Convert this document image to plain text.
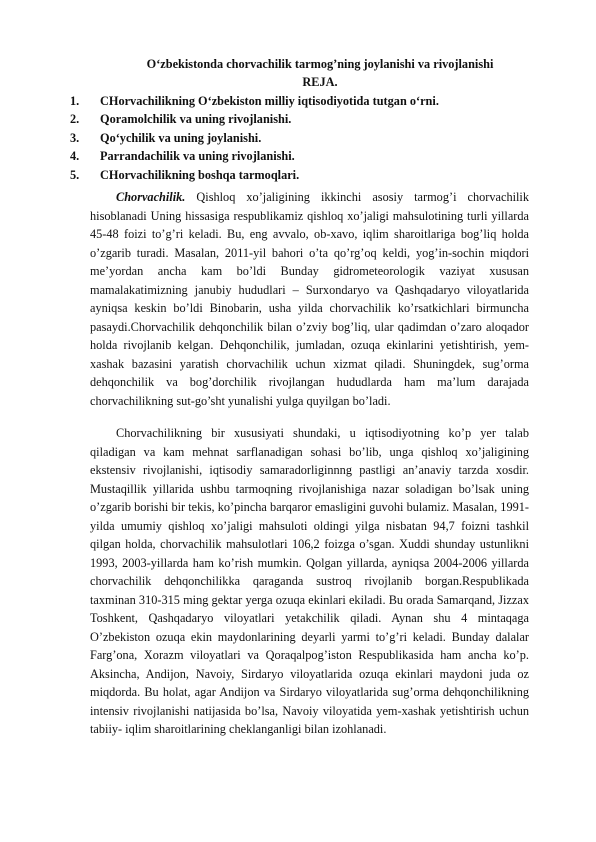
O‘zbekistonda chorvachilik tarmog’ning joylanishi va rivojlanishi
REJA.
1.	CHorvachilikning O‘zbekiston milliy iqtisodiyotida tutgan o‘rni.
2.	Qoramolchilik va uning rivojlanishi.
3.	Qo‘ychilik va uning joylanishi.
4.	Parrandachilik va uning rivojlanishi.
5.	CHorvachilikning boshqa tarmoqlari.

Chorvachilik. Qishloq xo’jaligining ikkinchi asosiy tarmog’i chorvachilik hisoblanadi Uning hissasiga respublikamiz qishloq xo’jaligi mahsulotining turli yillarda 45-48 foizi to’g’ri keladi. Bu, eng avvalo, ob-xavo, iqlim sharoitlariga bog’liq holda o’zgarib turadi. Masalan, 2011-yil bahori o’ta qo’rg’oq keldi, yog’in-sochin miqdori me’yordan ancha kam bo’ldi Bunday gidrometeorologik vaziyat xususan mamalakatimizning janubiy hududlari – Surxondaryo va Qashqadaryo viloyatlarida ayniqsa keskin bo’ldi Binobarin, usha yilda chorvachilik ko’rsatkichlari birmuncha pasaydi.Chorvachilik dehqonchilik bilan o’zviy bog’liq, ular qadimdan o’zaro aloqador holda rivojlanib kelgan. Dehqonchilik, jumladan, ozuqa ekinlarini yetishtirish, yem-xashak bazasini yaratish chorvachilik uchun xizmat qiladi. Shuningdek, sug’orma dehqonchilik va bog’dorchilik rivojlangan hududlarda ham ma’lum darajada chorvachilikning sut-go’sht yunalishi yulga quyilgan bo’ladi.

Chorvachilikning bir xususiyati shundaki, u iqtisodiyotning ko’p yer talab qiladigan va kam mehnat sarflanadigan sohasi bo’lib, unga qishloq xo’jaligining ekstensiv rivojlanishi, iqtisodiy samaradorliginnng pastligi an’anaviy tarzda xosdir. Mustaqillik yillarida ushbu tarmoqning rivojlanishiga nazar soladigan bo’lsak uning o’zgarib borishi bir tekis, ko’pincha barqaror emasligini guvohi bulamiz. Masalan, 1991-yilda umumiy qishloq xo’jaligi mahsuloti oldingi yilga nisbatan 94,7 foizni tashkil qilgan holda, chorvachilik mahsulotlari 106,2 foizga o’sgan. Xuddi shunday ustunlikni 1993, 2003-yillarda ham ko’rish mumkin. Qolgan yillarda, ayniqsa 2004-2006 yillarda chorvachilik dehqonchilikka qaraganda sustroq rivojlanib borgan.Respublikada taxminan 310-315 ming gektar yerga ozuqa ekinlari ekiladi. Bu orada Samarqand, Jizzax Toshkent, Qashqadaryo viloyatlari yetakchilik qiladi. Aynan shu 4 mintaqaga O’zbekiston ozuqa ekin maydonlarining deyarli yarmi to’g’ri keladi. Bunday dalalar Farg’ona, Xorazm viloyatlari va Qoraqalpog’iston Respublikasida ham ancha ko’p. Aksincha, Andijon, Navoiy, Sirdaryo viloyatlarida ozuqa ekinlari maydoni juda oz miqdorda. Bu holat, agar Andijon va Sirdaryo viloyatlarida sug’orma dehqonchilikning intensiv rivojlanishi natijasida bo’lsa, Navoiy viloyatida yem-xashak yetishtirish uchun tabiiy- iqlim sharoitlarining cheklanganligi bilan izohlanadi.
